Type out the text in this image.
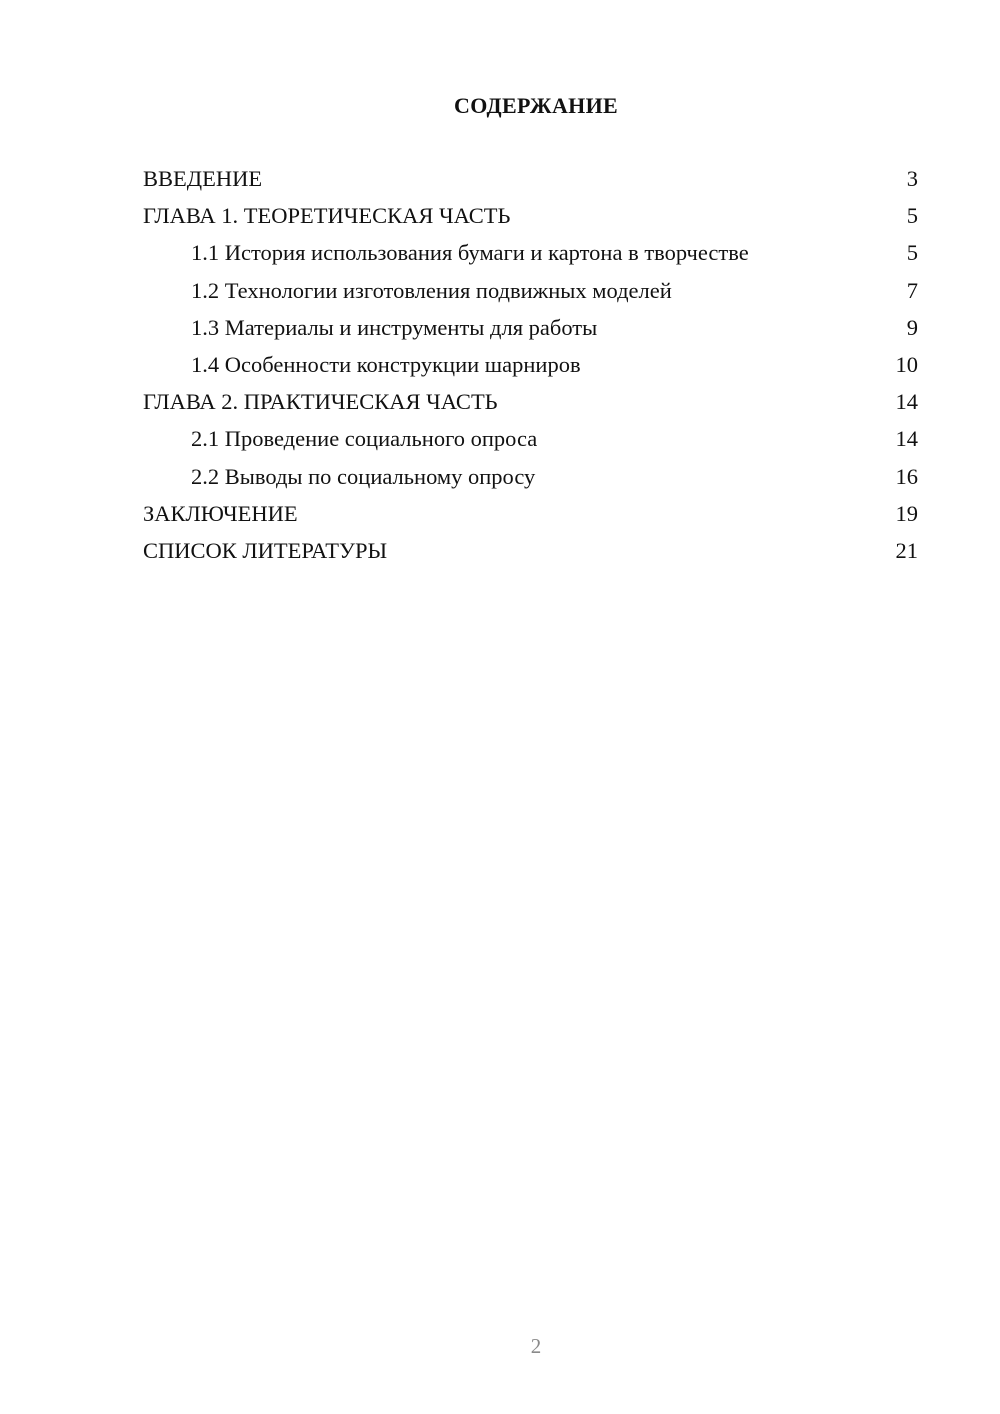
СОДЕРЖАНИЕ
ВВЕДЕНИЕ	3
ГЛАВА 1. ТЕОРЕТИЧЕСКАЯ ЧАСТЬ	5
1.1 История использования бумаги и картона в творчестве	5
1.2 Технологии изготовления подвижных моделей	7
1.3 Материалы и инструменты для работы	9
1.4 Особенности конструкции шарниров	10
ГЛАВА 2. ПРАКТИЧЕСКАЯ ЧАСТЬ	14
2.1 Проведение социального опроса	14
2.2 Выводы по социальному опросу	16
ЗАКЛЮЧЕНИЕ	19
СПИСОК ЛИТЕРАТУРЫ	21
2
